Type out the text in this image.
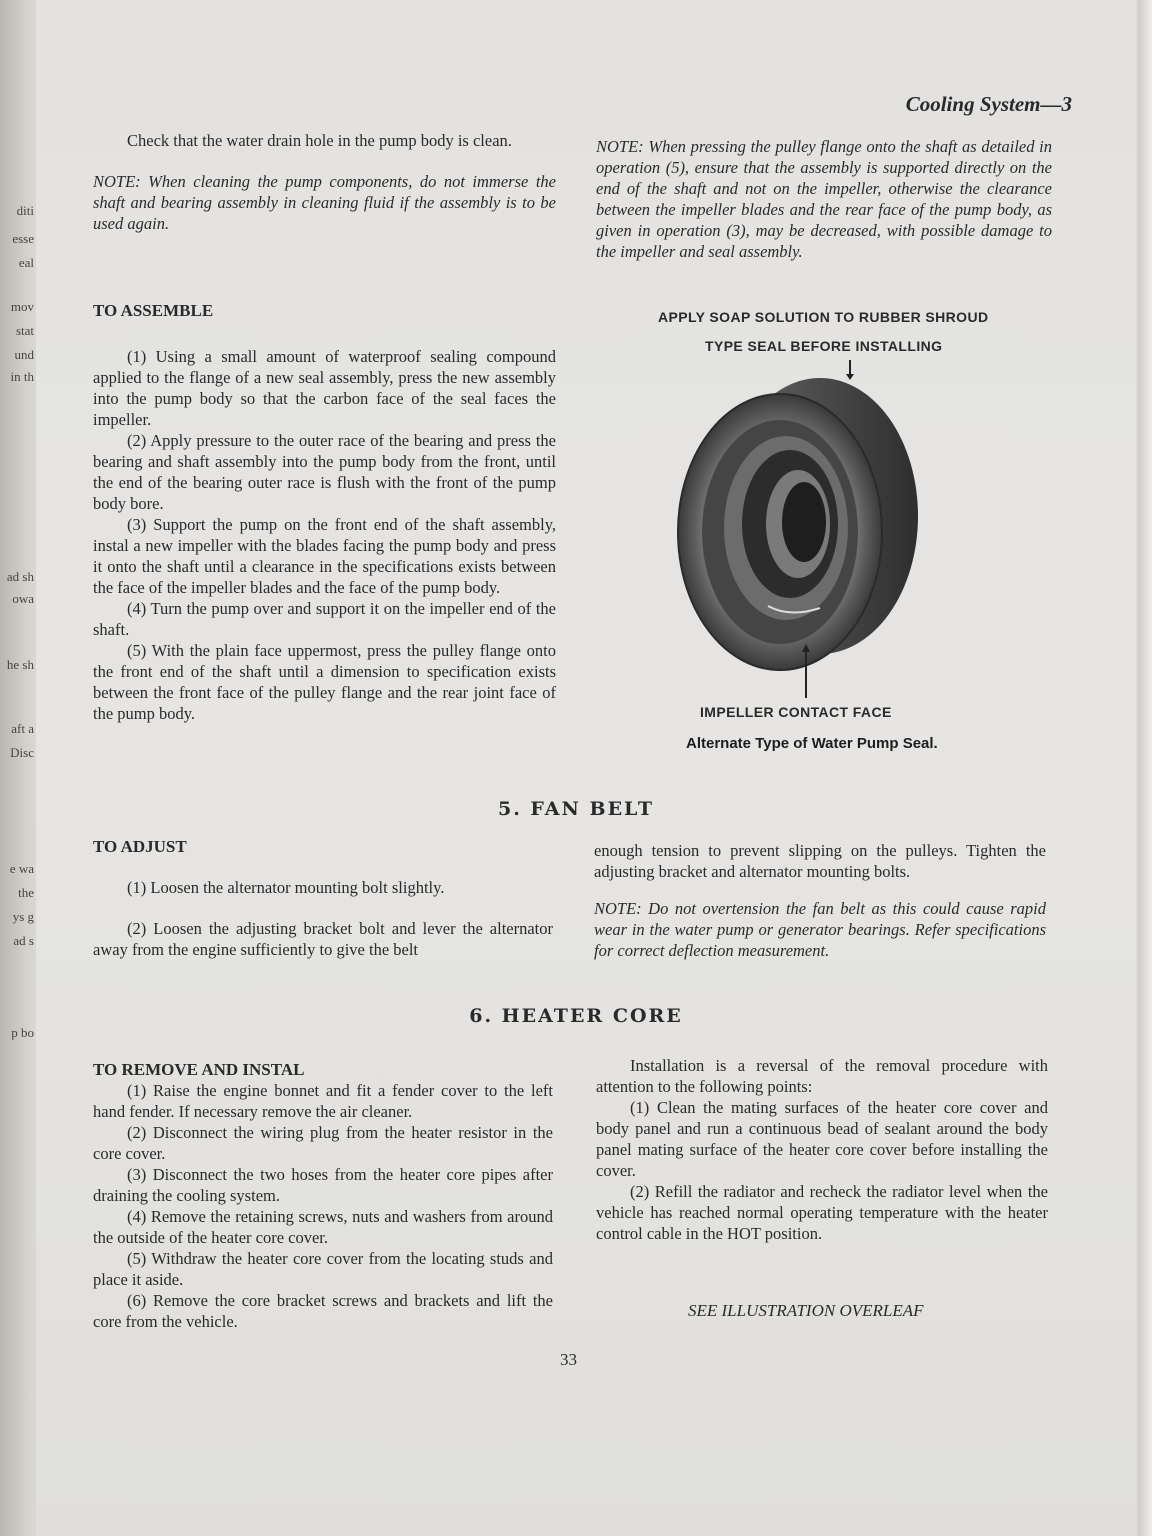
diti
esse
eal
mov
stat
und
in th
ad sh
owa
he sh
aft a
Disc
e wa
the
ys g
ad s
p bo
Cooling System—3

Check that the water drain hole in the pump body is clean.

NOTE: When cleaning the pump components, do not immerse the shaft and bearing assembly in cleaning fluid if the assembly is to be used again.

TO ASSEMBLE

(1) Using a small amount of waterproof sealing compound applied to the flange of a new seal assembly, press the new assembly into the pump body so that the carbon face of the seal faces the impeller.

(2) Apply pressure to the outer race of the bearing and press the bearing and shaft assembly into the pump body from the front, until the end of the bearing outer race is flush with the front of the pump body bore.

(3) Support the pump on the front end of the shaft assembly, instal a new impeller with the blades facing the pump body and press it onto the shaft until a clearance in the specifications exists between the face of the impeller blades and the face of the pump body.

(4) Turn the pump over and support it on the impeller end of the shaft.

(5) With the plain face uppermost, press the pulley flange onto the front end of the shaft until a dimension to specification exists between the front face of the pulley flange and the rear joint face of the pump body.

NOTE: When pressing the pulley flange onto the shaft as detailed in operation (5), ensure that the assembly is supported directly on the end of the shaft and not on the impeller, otherwise the clearance between the impeller blades and the rear face of the pump body, as given in operation (3), may be decreased, with possible damage to the impeller and seal assembly.
APPLY SOAP SOLUTION TO RUBBER SHROUD
TYPE SEAL BEFORE INSTALLING
IMPELLER CONTACT FACE
Alternate Type of Water Pump Seal.
5. FAN BELT
TO ADJUST

(1) Loosen the alternator mounting bolt slightly.

(2) Loosen the adjusting bracket bolt and lever the alternator away from the engine sufficiently to give the belt

enough tension to prevent slipping on the pulleys. Tighten the adjusting bracket and alternator mounting bolts.

NOTE: Do not overtension the fan belt as this could cause rapid wear in the water pump or generator bearings. Refer specifications for correct deflection measurement.

6. HEATER CORE
TO REMOVE AND INSTAL

(1) Raise the engine bonnet and fit a fender cover to the left hand fender. If necessary remove the air cleaner.

(2) Disconnect the wiring plug from the heater resistor in the core cover.

(3) Disconnect the two hoses from the heater core pipes after draining the cooling system.

(4) Remove the retaining screws, nuts and washers from around the outside of the heater core cover.

(5) Withdraw the heater core cover from the locating studs and place it aside.

(6) Remove the core bracket screws and brackets and lift the core from the vehicle.

Installation is a reversal of the removal procedure with attention to the following points:

(1) Clean the mating surfaces of the heater core cover and body panel and run a continuous bead of sealant around the body panel mating surface of the heater core cover before installing the cover.

(2) Refill the radiator and recheck the radiator level when the vehicle has reached normal operating temperature with the heater control cable in the HOT position.

SEE ILLUSTRATION OVERLEAF
33
